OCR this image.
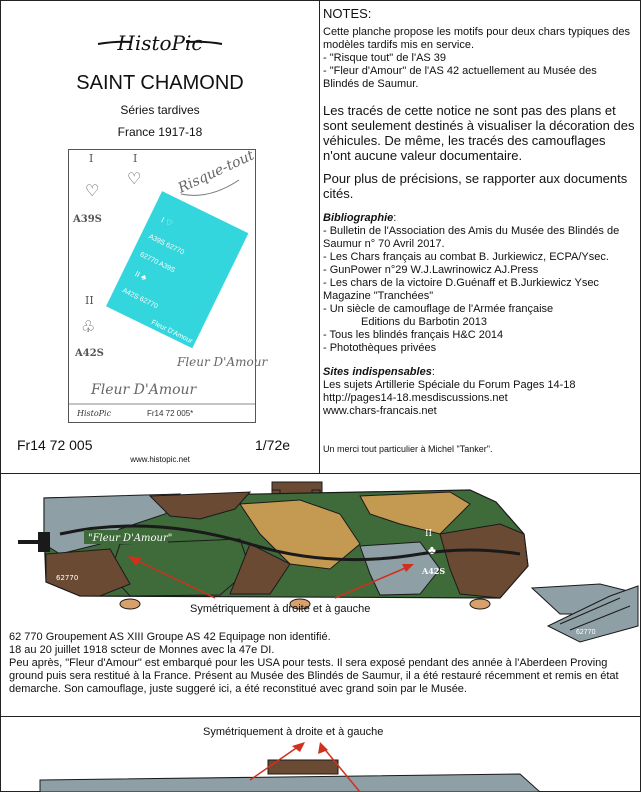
HistoPic
SAINT CHAMOND
Séries tardives
France 1917-18
I	I
♡
♡
A39S
Risque-tout
I ♡
A39S 62770
62770 A39S
II ♣
A42S 62770
Fleur D'Amour
II
♧
A42S
Fleur D'Amour
Fleur D'Amour
HistoPic	Fr14 72 005*
Fr14 72 005	1/72e
www.histopic.net

NOTES:

Cette planche propose les motifs pour deux chars typiques des modèles tardifs mis en service.

- "Risque tout" de l'AS 39

- "Fleur d'Amour" de l'AS 42 actuellement au Musée des Blindés de Saumur.

Les tracés de cette notice ne sont pas des plans et sont seulement destinés à visualiser la décoration des véhicules. De même, les tracés des camouflages n'ont aucune valeur documentaire.

Pour plus de précisions, se rapporter aux documents cités.

Bibliographie:

- Bulletin de l'Association des Amis du Musée des Blindés de Saumur n° 70 Avril 2017.

- Les Chars français au combat B. Jurkiewicz, ECPA/Ysec.

- GunPower n°29 W.J.Lawrinowicz AJ.Press

- Les chars de la victoire D.Guénaff et B.Jurkiewicz Ysec Magazine "Tranchées"

- Un siècle de camouflage de l'Armée française

Editions du Barbotin 2013

- Tous les blindés français H&C 2014

- Photothèques privées

Sites indispensables:

Les sujets Artillerie Spéciale du Forum Pages 14-18

http://pages14-18.mesdiscussions.net

www.chars-francais.net

Un merci tout particulier à Michel "Tanker".
"Fleur D'Amour"
62770
II
♣
A42S
62770
Symétriquement à droite et à gauche
62 770 Groupement AS XIII Groupe AS 42 Equipage non identifié.
18 au 20 juillet 1918 scteur de Monnes avec la 47e DI.
Peu après, "Fleur d'Amour" est embarqué pour les USA pour tests. Il sera exposé pendant des année à l'Aberdeen Proving ground puis sera restitué à la France. Présent au Musée des Blindés de Saumur, il a été restauré récemment et remis en état demarche. Son camouflage, juste suggeré ici, a été reconstitué avec grand soin par le Musée.
Symétriquement à droite et à gauche
